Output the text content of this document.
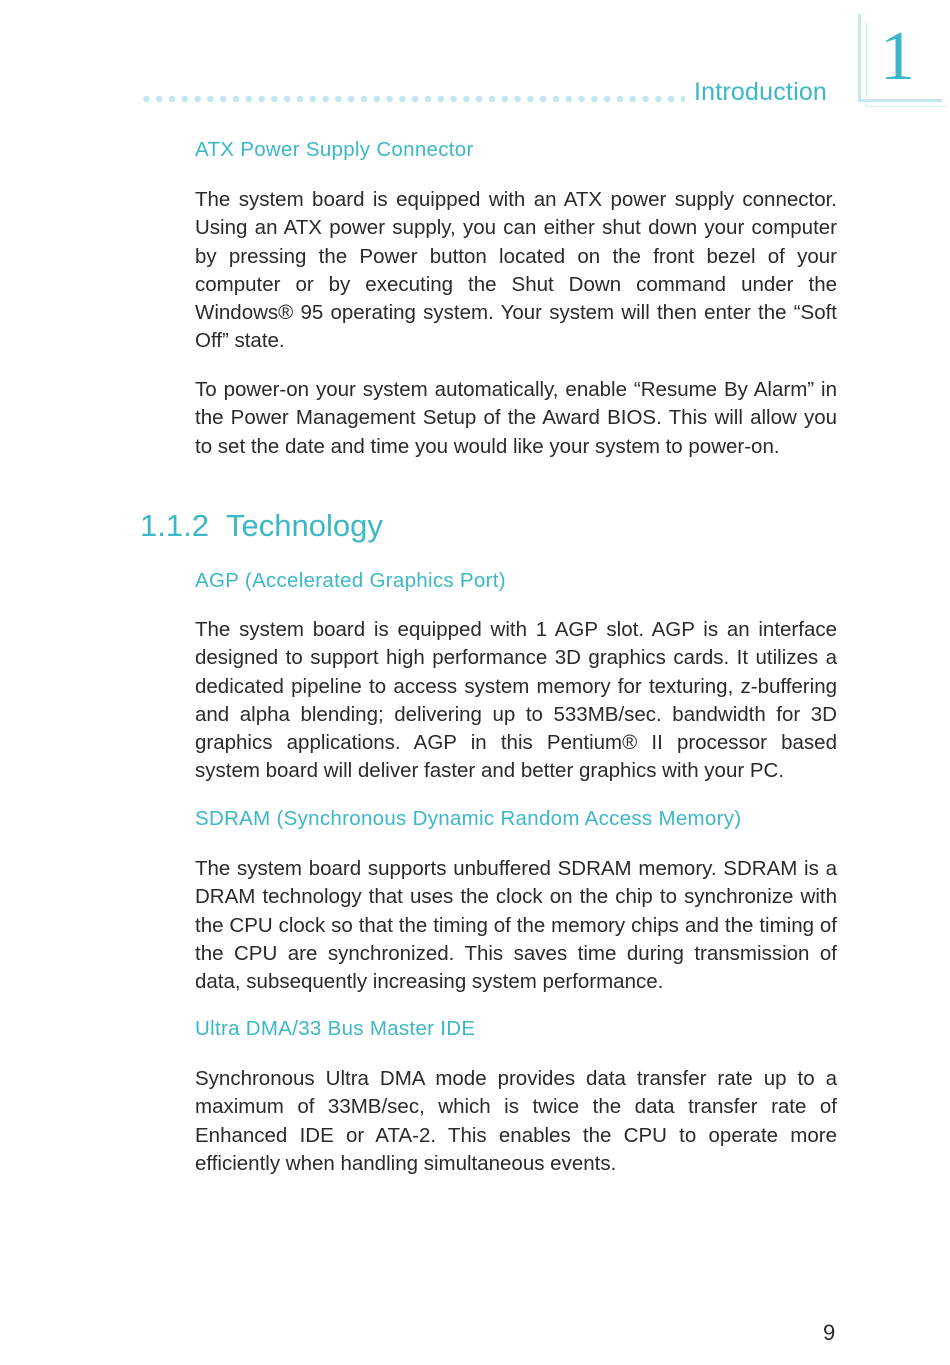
Introduction 1
ATX Power Supply Connector

The system board is equipped with an ATX power supply connector. Using an ATX power supply, you can either shut down your computer by pressing the Power button located on the front bezel of your computer or by executing the Shut Down command under the Windows® 95 operating system. Your system will then enter the “Soft Off” state.

To power-on your system automatically, enable “Resume By Alarm” in the Power Management Setup of the Award BIOS. This will allow you to set the date and time you would like your system to power-on.

1.1.2 Technology
AGP (Accelerated Graphics Port)

The system board is equipped with 1 AGP slot. AGP is an interface designed to support high performance 3D graphics cards. It utilizes a dedicated pipeline to access system memory for texturing, z-buffering and alpha blending; delivering up to 533MB/sec. bandwidth for 3D graphics applications. AGP in this Pentium® II processor based system board will deliver faster and better graphics with your PC.

SDRAM (Synchronous Dynamic Random Access Memory)

The system board supports unbuffered SDRAM memory. SDRAM is a DRAM technology that uses the clock on the chip to synchronize with the CPU clock so that the timing of the memory chips and the timing of the CPU are synchronized. This saves time during transmission of data, subsequently increasing system performance.

Ultra DMA/33 Bus Master IDE

Synchronous Ultra DMA mode provides data transfer rate up to a maximum of 33MB/sec, which is twice the data transfer rate of Enhanced IDE or ATA-2. This enables the CPU to operate more efficiently when handling simultaneous events.

9
